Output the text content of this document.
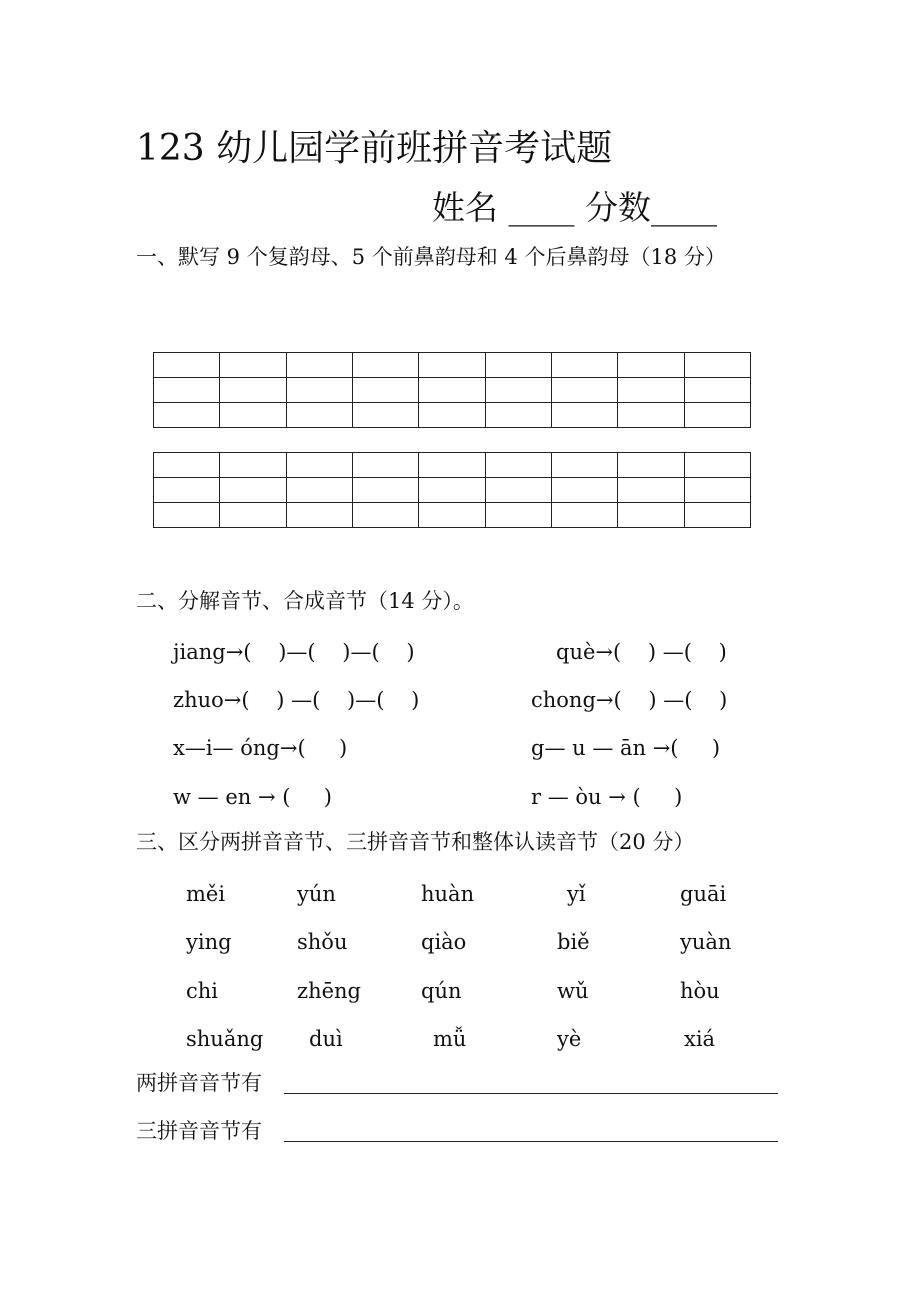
123 幼儿园学前班拼音考试题
姓名 ____ 分数____
一、默写 9 个复韵母、5 个前鼻韵母和 4 个后鼻韵母（18 分）

二、分解音节、合成音节（14 分）。
jiang→(    )—(    )—(    )	què→(    ) —(    )
zhuo→(    ) —(    )—(    )	chong→(    ) —(    )
x—i— óng→(     )	g— u — ān →(     )
w — en → (     )	r — òu → (     )
三、区分两拼音音节、三拼音音节和整体认读音节（20 分）
měi	yún	huàn	yǐ	guāi
ying	shǒu	qiào	biě	yuàn
chi	zhēng	qún	wǔ	hòu
shuǎng duì	mǚ	yè	xiá
两拼音音节有
三拼音音节有
